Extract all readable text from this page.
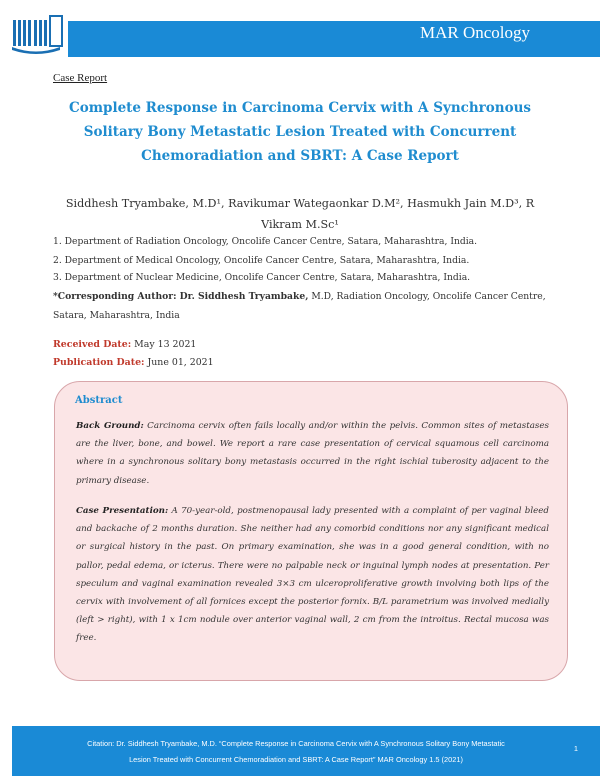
MAR Oncology
Case Report
Complete Response in Carcinoma Cervix with A Synchronous
Solitary Bony Metastatic Lesion Treated with Concurrent
Chemoradiation and SBRT: A Case Report
Siddhesh Tryambake, M.D¹, Ravikumar Wategaonkar D.M², Hasmukh Jain M.D³, R
Vikram M.Sc¹
1. Department of Radiation Oncology, Oncolife Cancer Centre, Satara, Maharashtra, India.
2. Department of Medical Oncology, Oncolife Cancer Centre, Satara, Maharashtra, India.
3. Department of Nuclear Medicine, Oncolife Cancer Centre, Satara, Maharashtra, India.
*Corresponding Author: Dr. Siddhesh Tryambake, M.D, Radiation Oncology, Oncolife Cancer Centre, Satara, Maharashtra, India
Received Date: May 13 2021
Publication Date: June 01, 2021
Abstract
Back Ground: Carcinoma cervix often fails locally and/or within the pelvis. Common sites of metastases are the liver, bone, and bowel. We report a rare case presentation of cervical squamous cell carcinoma where in a synchronous solitary bony metastasis occurred in the right ischial tuberosity adjacent to the primary disease.
Case Presentation: A 70-year-old, postmenopausal lady presented with a complaint of per vaginal bleed and backache of 2 months duration. She neither had any comorbid conditions nor any significant medical or surgical history in the past. On primary examination, she was in a good general condition, with no pallor, pedal edema, or icterus. There were no palpable neck or inguinal lymph nodes at presentation. Per speculum and vaginal examination revealed 3×3 cm ulceroproliferative growth involving both lips of the cervix with involvement of all fornices except the posterior fornix. B/L parametrium was involved medially (left > right), with 1 x 1cm nodule over anterior vaginal wall, 2 cm from the introitus. Rectal mucosa was free.
Citation: Dr. Siddhesh Tryambake, M.D. “Complete Response in Carcinoma Cervix with A Synchronous Solitary Bony Metastatic
Lesion Treated with Concurrent Chemoradiation and SBRT: A Case Report” MAR Oncology 1.5 (2021)
1
